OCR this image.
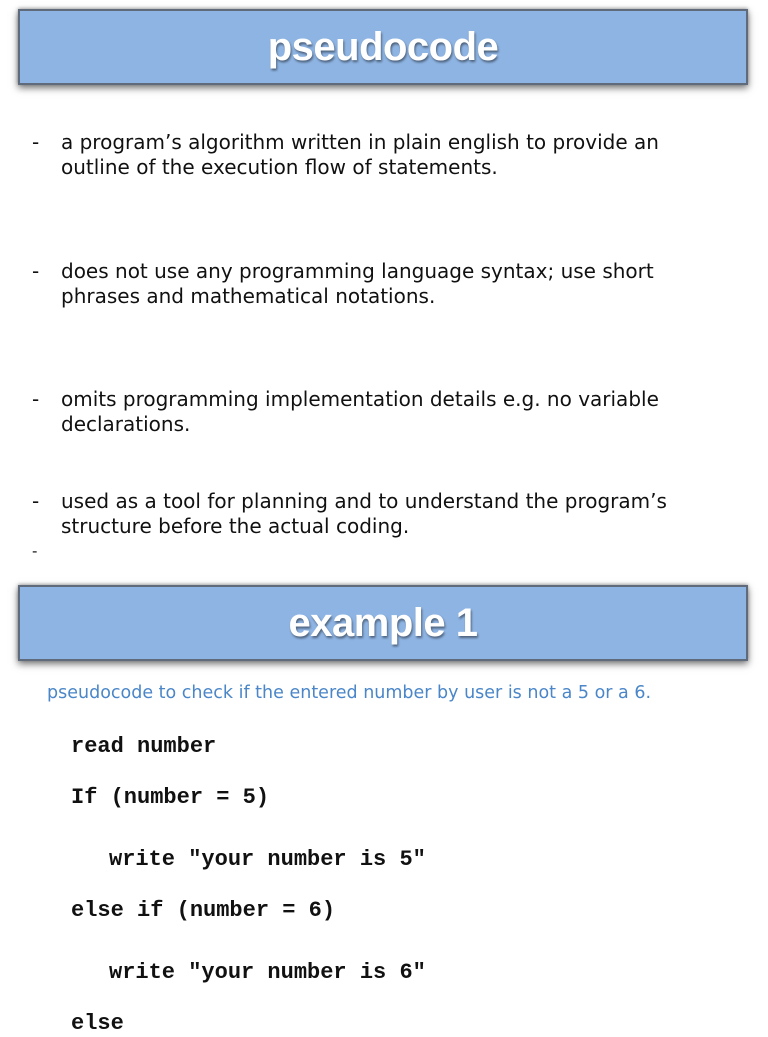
pseudocode
- a program’s algorithm written in plain english to provide an
outline of the execution flow of statements.
- does not use any programming language syntax; use short
phrases and mathematical notations.
- omits programming implementation details e.g. no variable
declarations.
- used as a tool for planning and to understand the program’s
structure before the actual coding.
-
example 1
pseudocode to check if the entered number by user is not a 5 or a 6.
read number
If (number = 5)
write "your number is 5"
else if (number = 6)
write "your number is 6"
else
